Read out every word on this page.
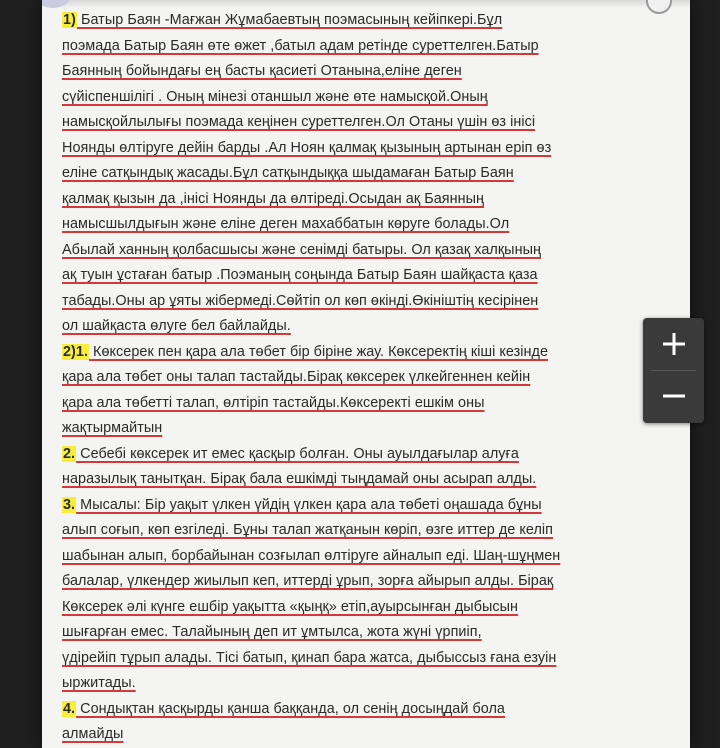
1) Батыр Баян -Мағжан Жұмабаевтың поэмасының кейіпкері.Бұл
поэмада Батыр Баян өте өжет ,батыл адам ретінде суреттелген.Батыр
Баянның бойындағы ең басты қасиеті Отанына,еліне деген
сүйіспеншілігі . Оның мінезі отаншыл және өте намысқой.Оның
намысқойлылығы поэмада кеңінен суреттелген.Ол Отаны үшін өз інісі
Ноянды өлтіруге дейін барды .Ал Ноян қалмақ қызының артынан еріп өз
еліне сатқындық жасады.Бұл сатқындыққа шыдамаған Батыр Баян
қалмақ қызын да ,інісі Ноянды да өлтіреді.Осыдан ақ Баянның
намысшылдығын және еліне деген махаббатын көруге болады.Ол
Абылай ханның қолбасшысы және сенімді батыры. Ол қазақ халқының
ақ туын ұстаған батыр .Поэманың соңында Батыр Баян шайқаста қаза
табады.Оны ар ұяты жібермеді.Сөйтіп ол көп өкінді.Өкініштің кесірінен
ол шайқаста өлуге бел байлайды.
2)1. Көксерек пен қара ала төбет бір біріне жау. Көксеректің кіші кезінде
қара ала төбет оны талап тастайды.Бірақ көксерек үлкейгеннен кейін
қара ала төбетті талап, өлтіріп тастайды.Көксеректі ешкім оны
жақтырмайтын
2. Себебі көксерек ит емес қасқыр болған. Оны ауылдағылар алуға
наразылық танытқан. Бірақ бала ешкімді тыңдамай оны асырап алды.
3. Мысалы: Бір уақыт үлкен үйдің үлкен қара ала төбеті оңашада бұны
алып соғып, көп езгіледі. Бұны талап жатқанын көріп, өзге иттер де келіп
шабынан алып, борбайынан созғылап өлтіруге айналып еді. Шаң-шұңмен
балалар, үлкендер жиылып кеп, иттерді ұрып, зорға айырып алды. Бірақ
Көксерек әлі күнге ешбір уақытта «қыңқ» етіп,ауырсынған дыбысын
шығарған емес. Талайының деп ит ұмтылса, жота жүні үрпиіп,
үдірейіп тұрып алады. Тісі батып, қинап бара жатса, дыбыссыз ғана езуін
ыржитады.
4. Сондықтан қасқырды қанша баққанда, ол сенің досыңдай бола
алмайды
